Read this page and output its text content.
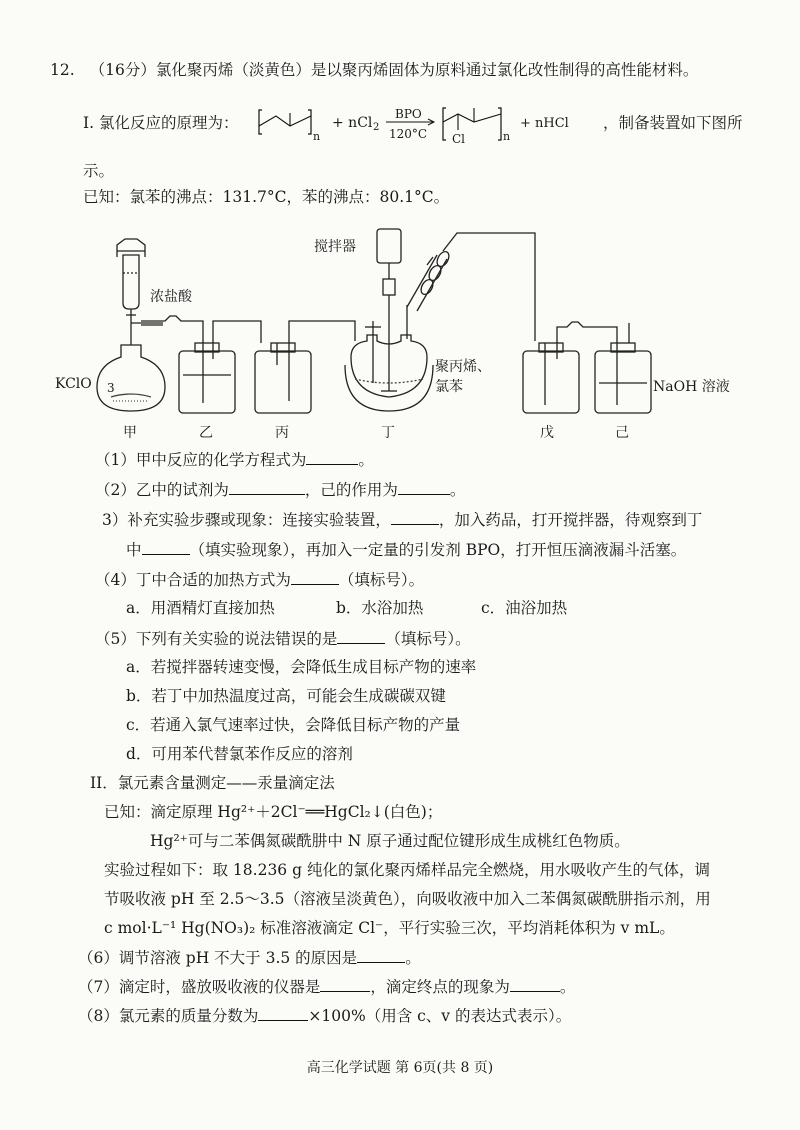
12. （16分）氯化聚丙烯（淡黄色）是以聚丙烯固体为原料通过氯化改性制得的高性能材料。
I. 氯化反应的原理为：
n
+ nCl 2
BPO
120°C Cl	n
+ nHCl ，制备装置如下图所
示。
已知：氯苯的沸点：131.7°C，苯的沸点：80.1°C。
搅拌器
浓盐酸
KClO 3
聚丙烯、
氯苯	NaOH 溶液
甲	乙	丙	丁	戊	己
（1）甲中反应的化学方程式为	。
（2）乙中的试剂为	，己的作用为	。
3）补充实验步骤或现象：连接实验装置，	，加入药品，打开搅拌器，待观察到丁
中	（填实验现象），再加入一定量的引发剂 BPO，打开恒压滴液漏斗活塞。
（4）丁中合适的加热方式为	（填标号）。
a．用酒精灯直接加热	b．水浴加热	c．油浴加热
（5）下列有关实验的说法错误的是	（填标号）。
a．若搅拌器转速变慢，会降低生成目标产物的速率
b．若丁中加热温度过高，可能会生成碳碳双键
c．若通入氯气速率过快，会降低目标产物的产量
d．可用苯代替氯苯作反应的溶剂
II．氯元素含量测定——汞量滴定法
已知：滴定原理 Hg²⁺＋2Cl⁻══HgCl₂↓(白色)；
Hg²⁺可与二苯偶氮碳酰肼中 N 原子通过配位键形成生成桃红色物质。
实验过程如下：取 18.236 g 纯化的氯化聚丙烯样品完全燃烧，用水吸收产生的气体，调
节吸收液 pH 至 2.5～3.5（溶液呈淡黄色），向吸收液中加入二苯偶氮碳酰肼指示剂，用
c mol·L⁻¹ Hg(NO₃)₂ 标准溶液滴定 Cl⁻，平行实验三次，平均消耗体积为 v mL。
（6）调节溶液 pH 不大于 3.5 的原因是	。
（7）滴定时，盛放吸收液的仪器是	，滴定终点的现象为	。
（8）氯元素的质量分数为	×100%（用含 c、v 的表达式表示）。
高三化学试题 第 6页(共 8 页)
